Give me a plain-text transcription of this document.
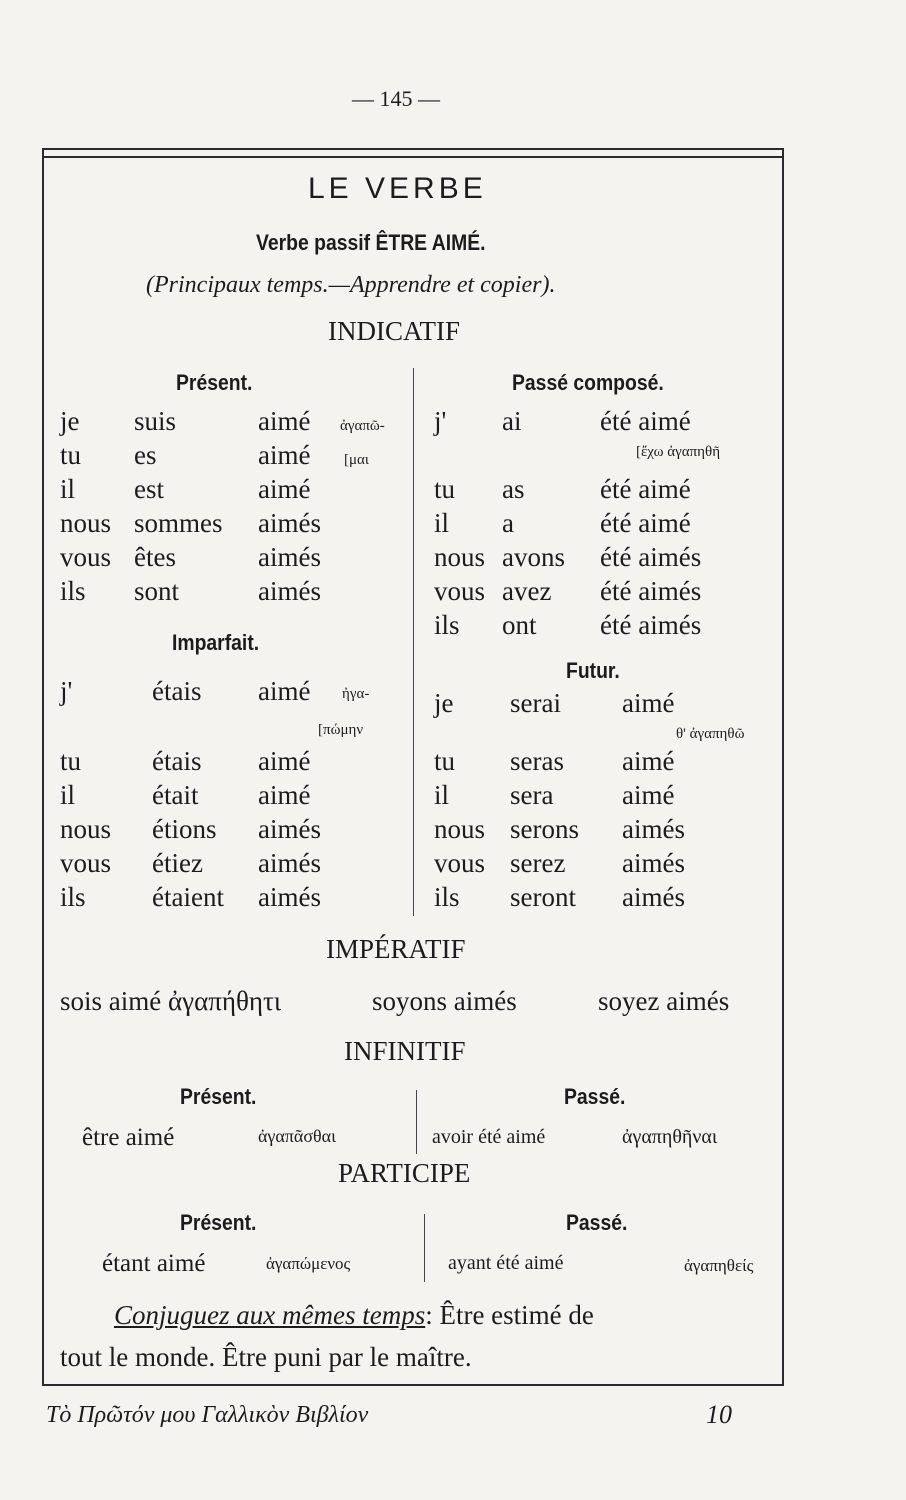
— 145 —
LE VERBE
Verbe passif ÊTRE AIMÉ.
(Principaux temps.—Apprendre et copier).
INDICATIF
Présent.
je suis	aimé
tu es	aimé
il est	aimé
nous sommes aimés
vous êtes	aimés
ils sont	aimés
ἀγαπῶ-
[μαι
Passé composé.
j' ai	été aimé
tu as	été aimé
il a	été aimé
nous avons été aimés
vous avez été aimés
ils ont été aimés
[ἔχω ἀγαπηθῆ
Imparfait.
j'	étais aimé
tu	étais aimé
il	était aimé
nous étions aimés
vous étiez aimés
ils étaient aimés
ἠγα-
[πώμην
Futur.
je serai aimé
tu seras aimé
il sera	aimé
nous serons aimés
vous serez aimés
ils seront aimés
θ' ἀγαπηθῶ
IMPÉRATIF
sois aimé ἀγαπήθητι	soyons aimés	soyez aimés
INFINITIF
Présent.	Passé.
être aimé	ἀγαπᾶσθαι	avoir été aimé	ἀγαπηθῆναι
PARTICIPE
Présent.	Passé.
étant aimé	ἀγαπώμενος	ayant été aimé	ἀγαπηθείς
Conjuguez aux mêmes temps: Être estimé de
tout le monde. Être puni par le maître.
Τὸ Πρῶτόν μου Γαλλικὸν Βιβλίον	10
